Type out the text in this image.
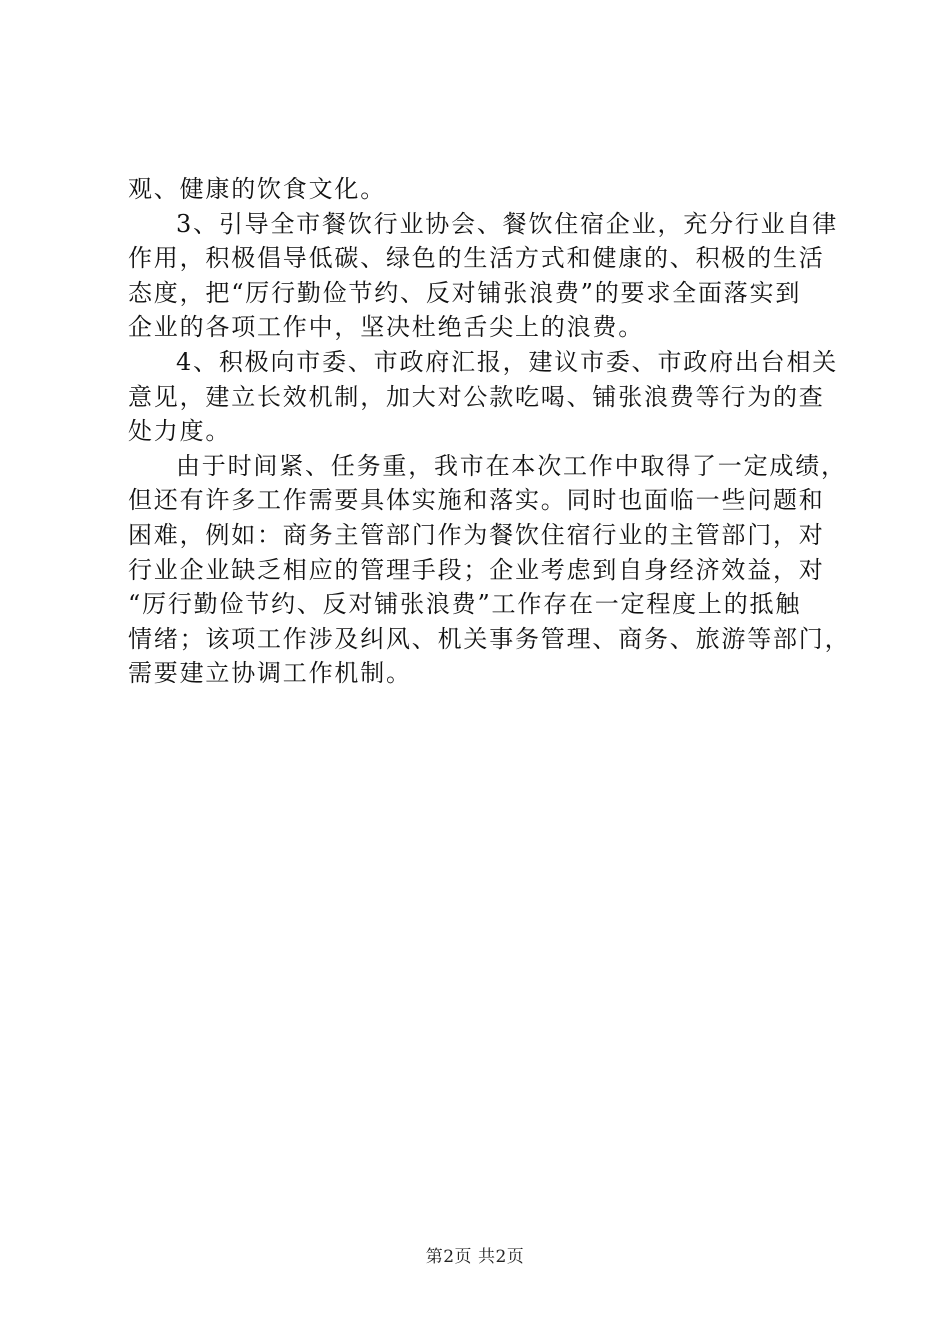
观、健康的饮食文化。
3、引导全市餐饮行业协会、餐饮住宿企业，充分行业自律
作用，积极倡导低碳、绿色的生活方式和健康的、积极的生活
态度，把“厉行勤俭节约、反对铺张浪费”的要求全面落实到
企业的各项工作中，坚决杜绝舌尖上的浪费。
4、积极向市委、市政府汇报，建议市委、市政府出台相关
意见，建立长效机制，加大对公款吃喝、铺张浪费等行为的查
处力度。
由于时间紧、任务重，我市在本次工作中取得了一定成绩，
但还有许多工作需要具体实施和落实。同时也面临一些问题和
困难，例如：商务主管部门作为餐饮住宿行业的主管部门，对
行业企业缺乏相应的管理手段；企业考虑到自身经济效益，对
“厉行勤俭节约、反对铺张浪费”工作存在一定程度上的抵触
情绪；该项工作涉及纠风、机关事务管理、商务、旅游等部门，
需要建立协调工作机制。
第2页 共2页
